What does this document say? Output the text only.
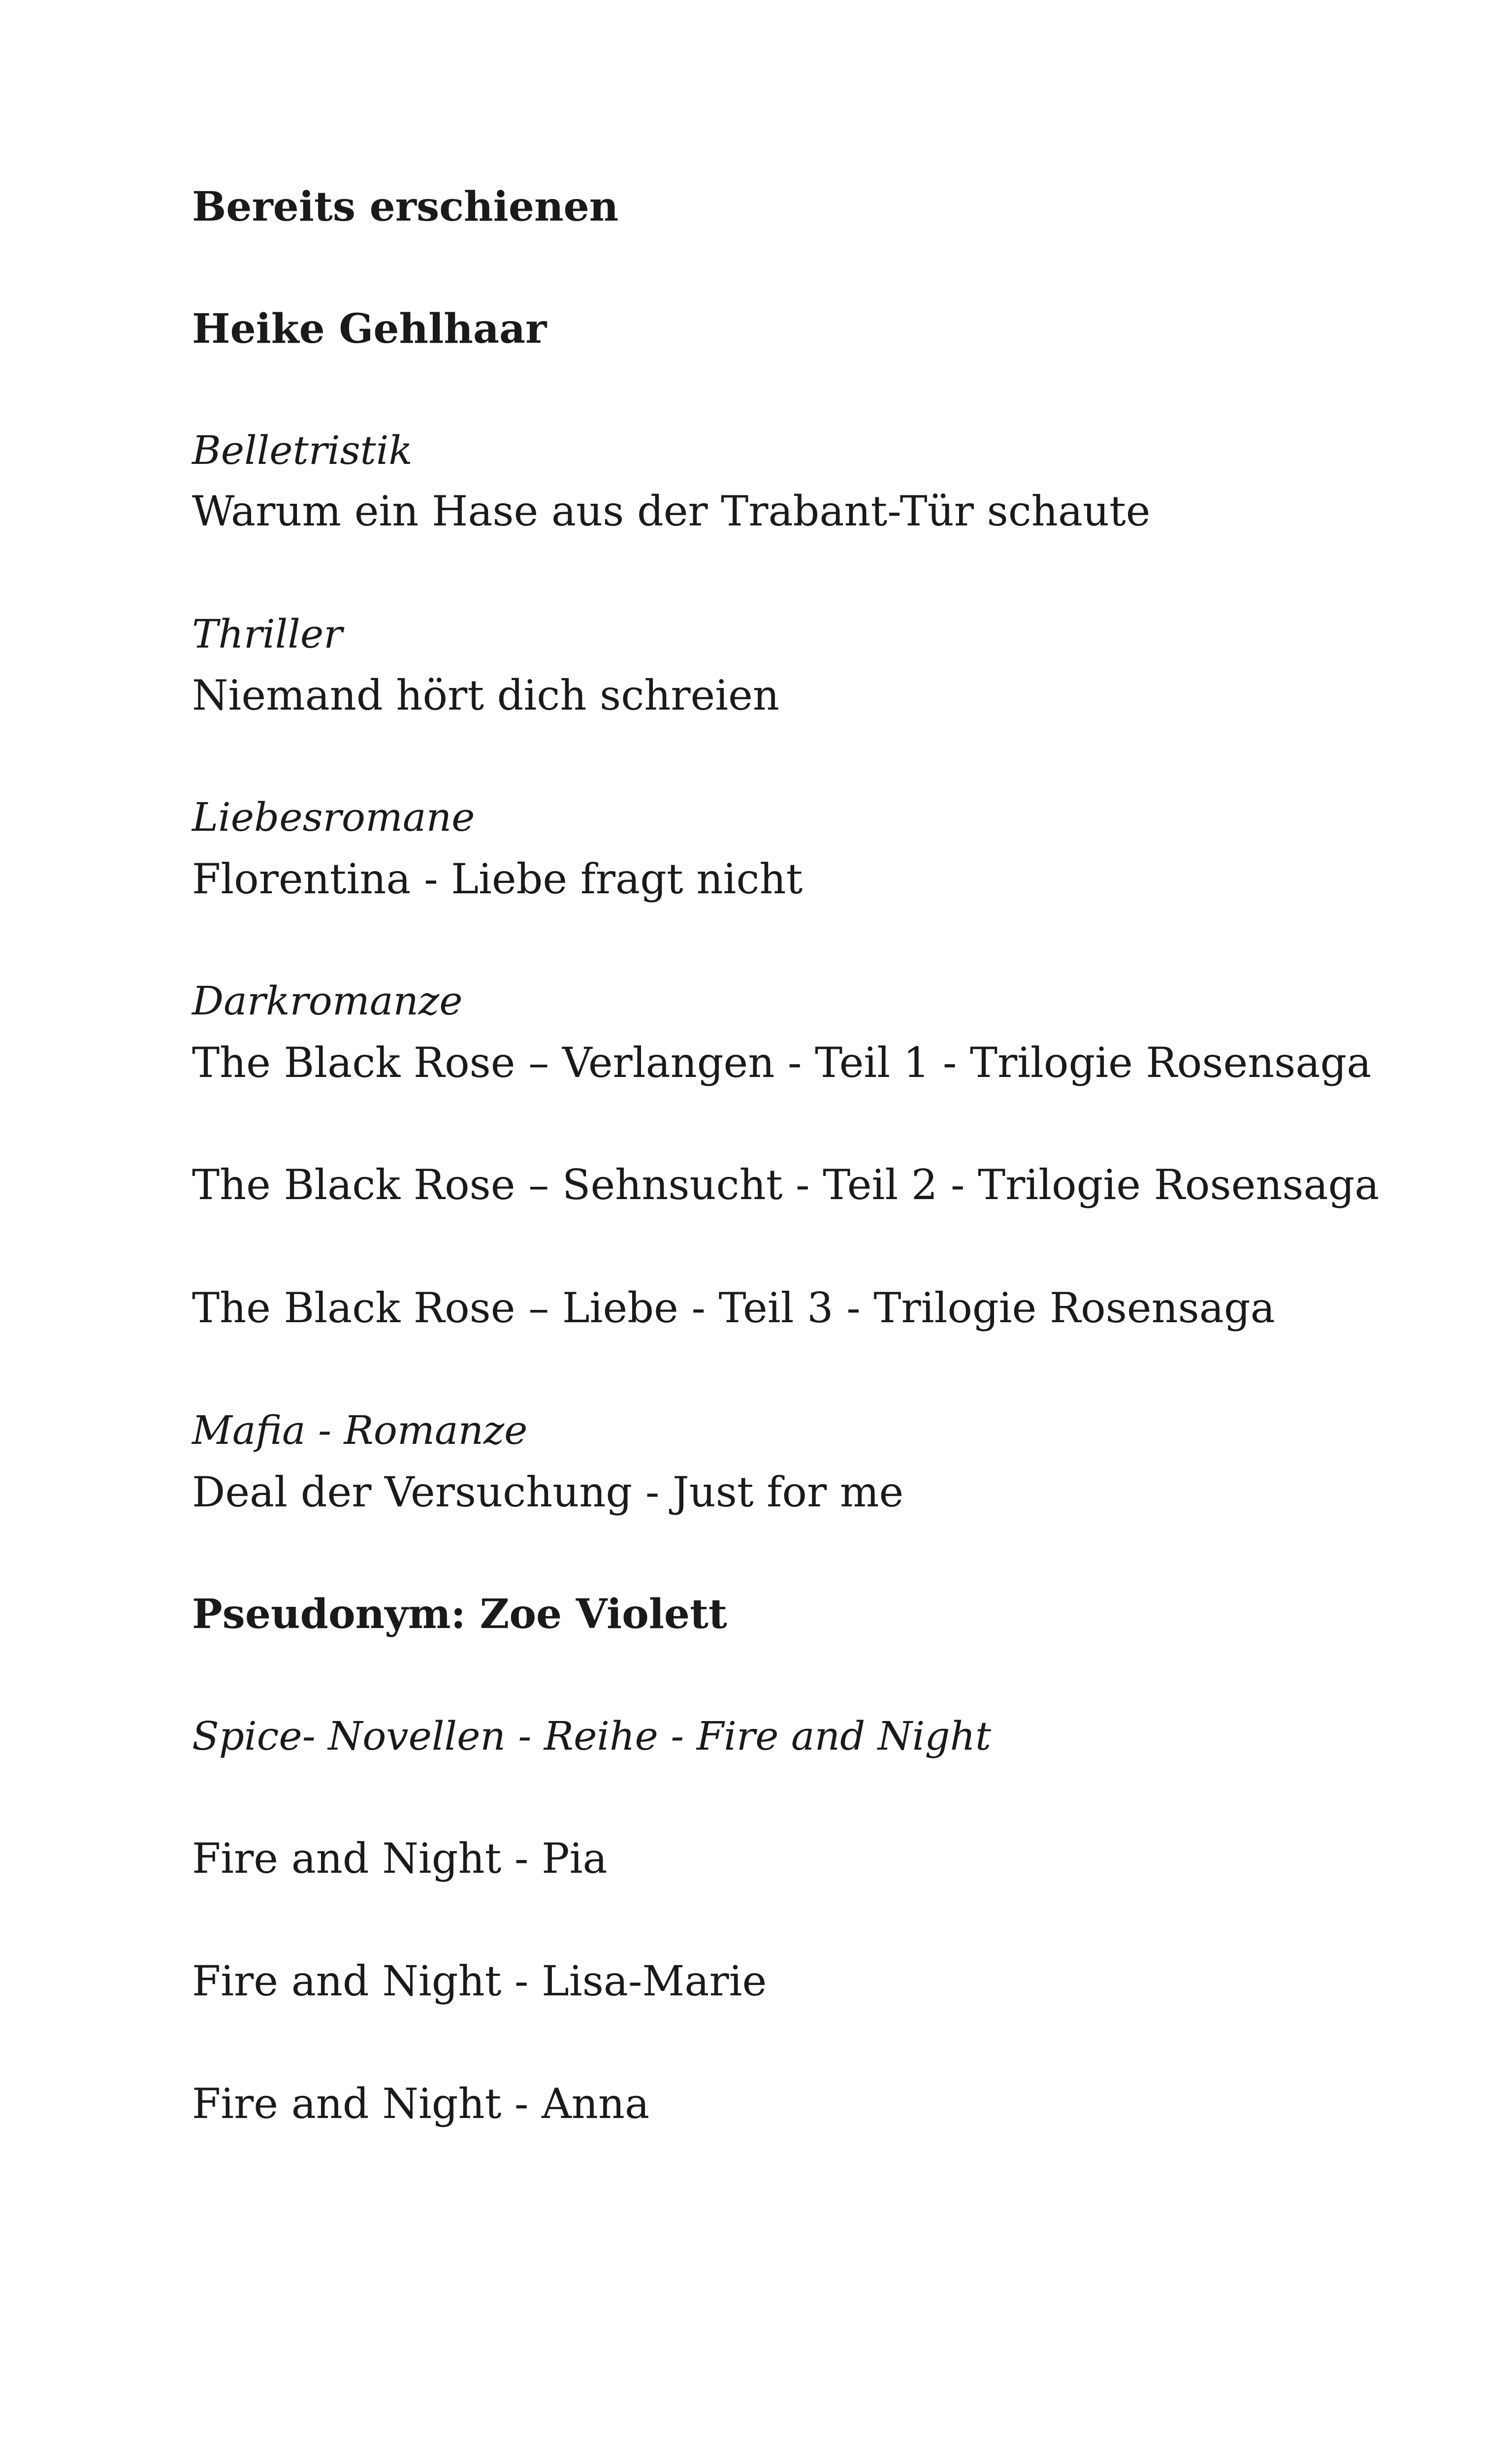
Bereits erschienen

Heike Gehlhaar

Belletristik

Warum ein Hase aus der Trabant-Tür schaute

Thriller

Niemand hört dich schreien

Liebesromane

Florentina - Liebe fragt nicht

Darkromanze

The Black Rose – Verlangen - Teil 1 - Trilogie Rosensaga

The Black Rose – Sehnsucht - Teil 2 - Trilogie Rosensaga

The Black Rose – Liebe - Teil 3 - Trilogie Rosensaga

Mafia - Romanze

Deal der Versuchung - Just for me

Pseudonym: Zoe Violett

Spice- Novellen - Reihe - Fire and Night

Fire and Night - Pia

Fire and Night - Lisa-Marie

Fire and Night - Anna
